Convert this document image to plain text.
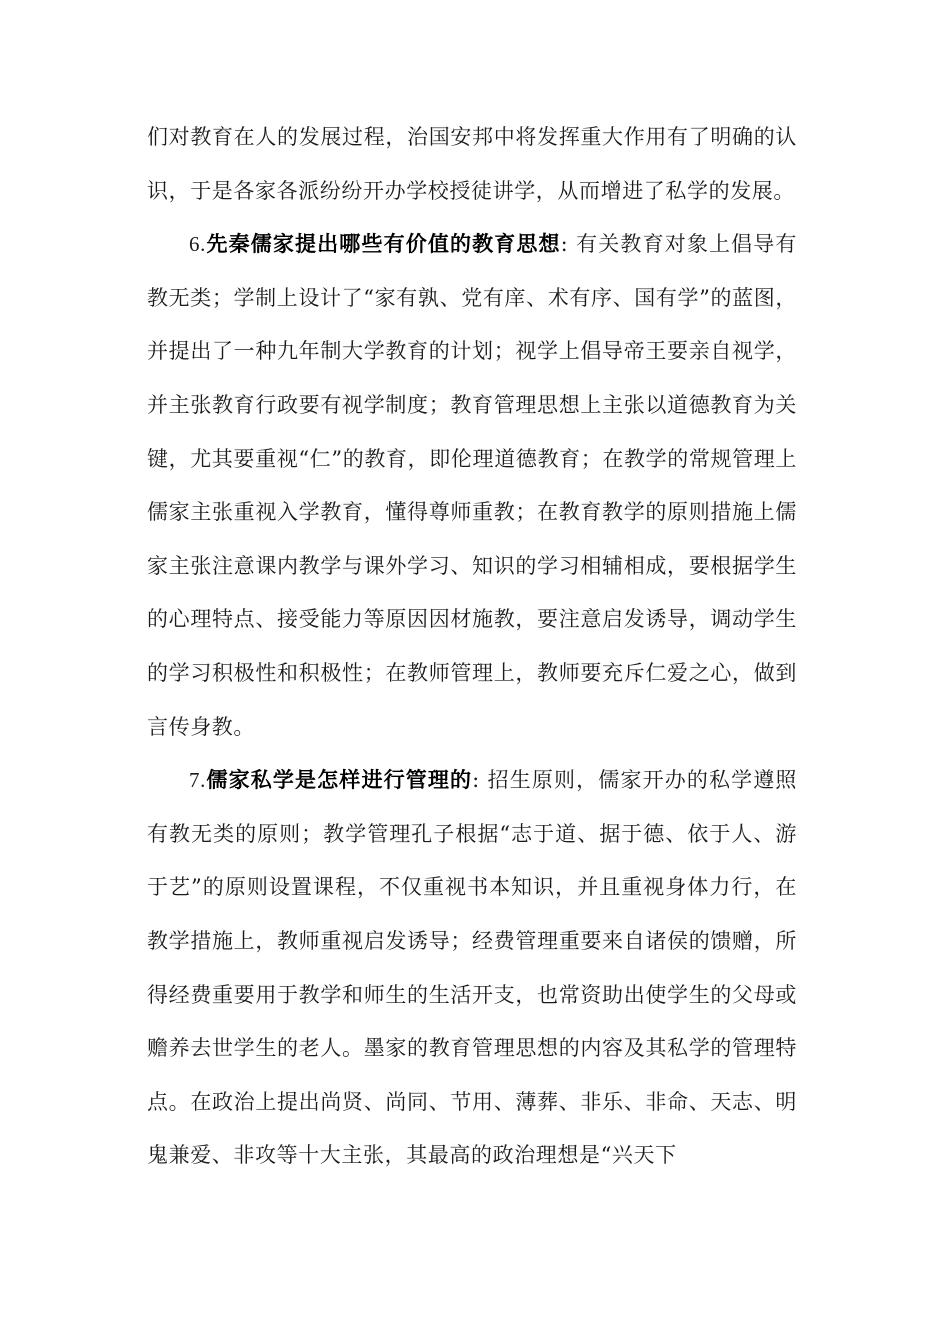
们对教育在人的发展过程，治国安邦中将发挥重大作用有了明确的认识，于是各家各派纷纷开办学校授徒讲学，从而增进了私学的发展。

6.先秦儒家提出哪些有价值的教育思想: 有关教育对象上倡导有教无类；学制上设计了“家有孰、党有庠、术有序、国有学”的蓝图，并提出了一种九年制大学教育的计划；视学上倡导帝王要亲自视学，并主张教育行政要有视学制度；教育管理思想上主张以道德教育为关键，尤其要重视“仁”的教育，即伦理道德教育；在教学的常规管理上儒家主张重视入学教育，懂得尊师重教；在教育教学的原则措施上儒家主张注意课内教学与课外学习、知识的学习相辅相成，要根据学生的心理特点、接受能力等原因因材施教，要注意启发诱导，调动学生的学习积极性和积极性；在教师管理上，教师要充斥仁爱之心，做到言传身教。

7.儒家私学是怎样进行管理的: 招生原则，儒家开办的私学遵照有教无类的原则；教学管理孔子根据“志于道、据于德、依于人、游于艺”的原则设置课程，不仅重视书本知识，并且重视身体力行，在教学措施上，教师重视启发诱导；经费管理重要来自诸侯的馈赠，所得经费重要用于教学和师生的生活开支，也常资助出使学生的父母或赡养去世学生的老人。墨家的教育管理思想的内容及其私学的管理特点。在政治上提出尚贤、尚同、节用、薄葬、非乐、非命、天志、明鬼兼爱、非攻等十大主张，其最高的政治理想是“兴天下
